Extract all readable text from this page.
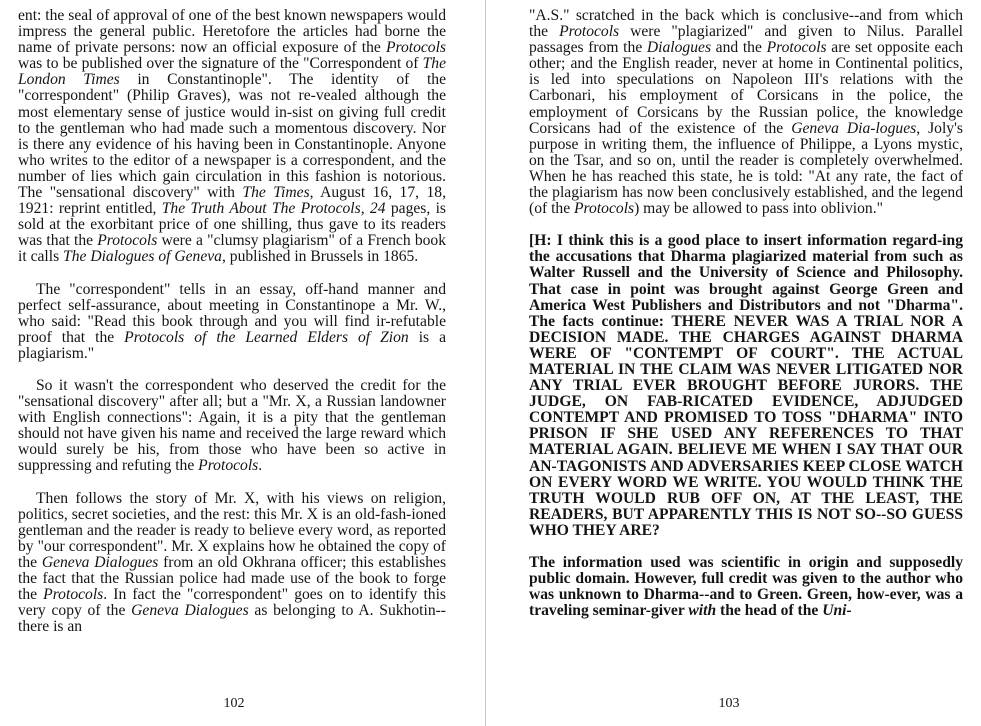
ent: the seal of approval of one of the best known newspapers would impress the general public. Heretofore the articles had borne the name of private persons: now an official exposure of the Protocols was to be published over the signature of the "Correspondent of The London Times in Constantinople". The identity of the "correspondent" (Philip Graves), was not re-vealed although the most elementary sense of justice would in-sist on giving full credit to the gentleman who had made such a momentous discovery. Nor is there any evidence of his having been in Constantinople. Anyone who writes to the editor of a newspaper is a correspondent, and the number of lies which gain circulation in this fashion is notorious. The "sensational discovery" with The Times, August 16, 17, 18, 1921: reprint entitled, The Truth About The Protocols, 24 pages, is sold at the exorbitant price of one shilling, thus gave to its readers was that the Protocols were a "clumsy plagiarism" of a French book it calls The Dialogues of Geneva, published in Brussels in 1865.

The "correspondent" tells in an essay, off-hand manner and perfect self-assurance, about meeting in Constantinope a Mr. W., who said: "Read this book through and you will find ir-refutable proof that the Protocols of the Learned Elders of Zion is a plagiarism."

So it wasn't the correspondent who deserved the credit for the "sensational discovery" after all; but a "Mr. X, a Russian landowner with English connections": Again, it is a pity that the gentleman should not have given his name and received the large reward which would surely be his, from those who have been so active in suppressing and refuting the Protocols.

Then follows the story of Mr. X, with his views on religion, politics, secret societies, and the rest: this Mr. X is an old-fash-ioned gentleman and the reader is ready to believe every word, as reported by "our correspondent". Mr. X explains how he obtained the copy of the Geneva Dialogues from an old Okhrana officer; this establishes the fact that the Russian police had made use of the book to forge the Protocols. In fact the "correspondent" goes on to identify this very copy of the Geneva Dialogues as belonging to A. Sukhotin--there is an

102

"A.S." scratched in the back which is conclusive--and from which the Protocols were "plagiarized" and given to Nilus. Parallel passages from the Dialogues and the Protocols are set opposite each other; and the English reader, never at home in Continental politics, is led into speculations on Napoleon III's relations with the Carbonari, his employment of Corsicans in the police, the employment of Corsicans by the Russian police, the knowledge Corsicans had of the existence of the Geneva Dia-logues, Joly's purpose in writing them, the influence of Philippe, a Lyons mystic, on the Tsar, and so on, until the reader is completely overwhelmed. When he has reached this state, he is told: "At any rate, the fact of the plagiarism has now been conclusively established, and the legend (of the Protocols) may be allowed to pass into oblivion."

[H: I think this is a good place to insert information regard-ing the accusations that Dharma plagiarized material from such as Walter Russell and the University of Science and Philosophy. That case in point was brought against George Green and America West Publishers and Distributors and not "Dharma". The facts continue: THERE NEVER WAS A TRIAL NOR A DECISION MADE. THE CHARGES AGAINST DHARMA WERE OF "CONTEMPT OF COURT". THE ACTUAL MATERIAL IN THE CLAIM WAS NEVER LITIGATED NOR ANY TRIAL EVER BROUGHT BEFORE JURORS. THE JUDGE, ON FAB-RICATED EVIDENCE, ADJUDGED CONTEMPT AND PROMISED TO TOSS "DHARMA" INTO PRISON IF SHE USED ANY REFERENCES TO THAT MATERIAL AGAIN. BELIEVE ME WHEN I SAY THAT OUR AN-TAGONISTS AND ADVERSARIES KEEP CLOSE WATCH ON EVERY WORD WE WRITE. YOU WOULD THINK THE TRUTH WOULD RUB OFF ON, AT THE LEAST, THE READERS, BUT APPARENTLY THIS IS NOT SO--SO GUESS WHO THEY ARE?

The information used was scientific in origin and supposedly public domain. However, full credit was given to the author who was unknown to Dharma--and to Green. Green, how-ever, was a traveling seminar-giver with the head of the Uni-

103
